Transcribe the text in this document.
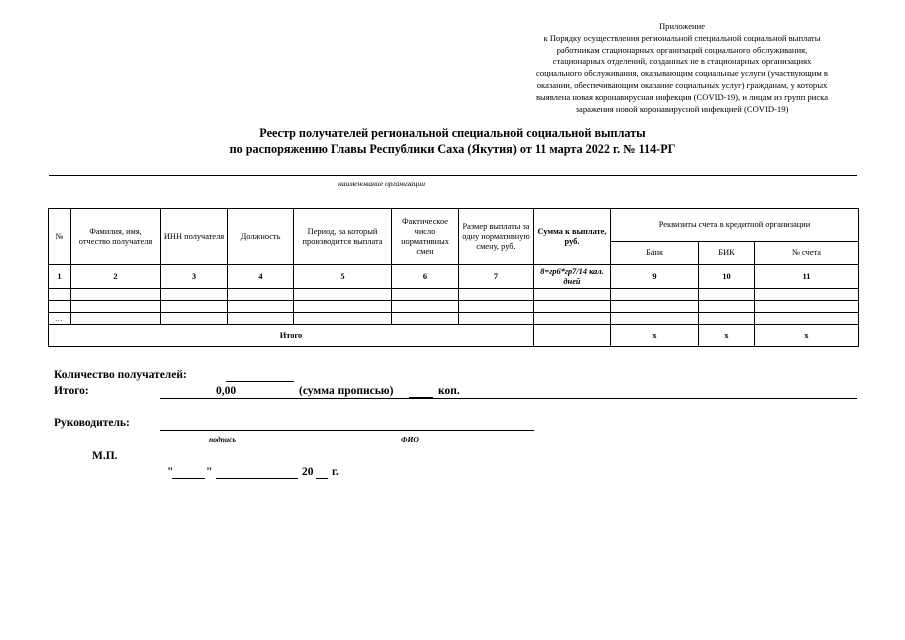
Приложение
к Порядку осуществления региональной специальной социальной выплаты
работникам стационарных организаций социального обслуживания,
стационарных отделений, созданных не в стационарных организациях
социального обслуживания, оказывающим социальные услуги (участвующим в
оказании, обеспечивающим оказание социальных услуг) гражданам, у которых
выявлена новая коронавирусная инфекция (COVID-19), и лицам из групп риска
заражения новой коронавирусной инфекцией (COVID-19)
Реестр получателей региональной специальной социальной выплаты
по распоряжению Главы Республики Саха (Якутия) от 11 марта 2022 г. № 114-РГ
наименование организации
№	Фамилия, имя, отчество получателя	ИНН получателя	Должность	Период, за который производится выплата	Фактическое число нормативных смен	Размер выплаты за одну нормативную смену, руб.	Сумма к выплате, руб.	Реквизиты счета в кредитной организации		
								Банк	БИК	№ счета
1	2	3	4	5	6	7	8=гр6*гр7/14 кал. дней	9	10	11

…										
Итого								x	x	x
Количество получателей:
Итого:	0,00	(сумма прописью)	коп.
Руководитель:
подпись	ФИО
М.П.
"	"	20 г.
